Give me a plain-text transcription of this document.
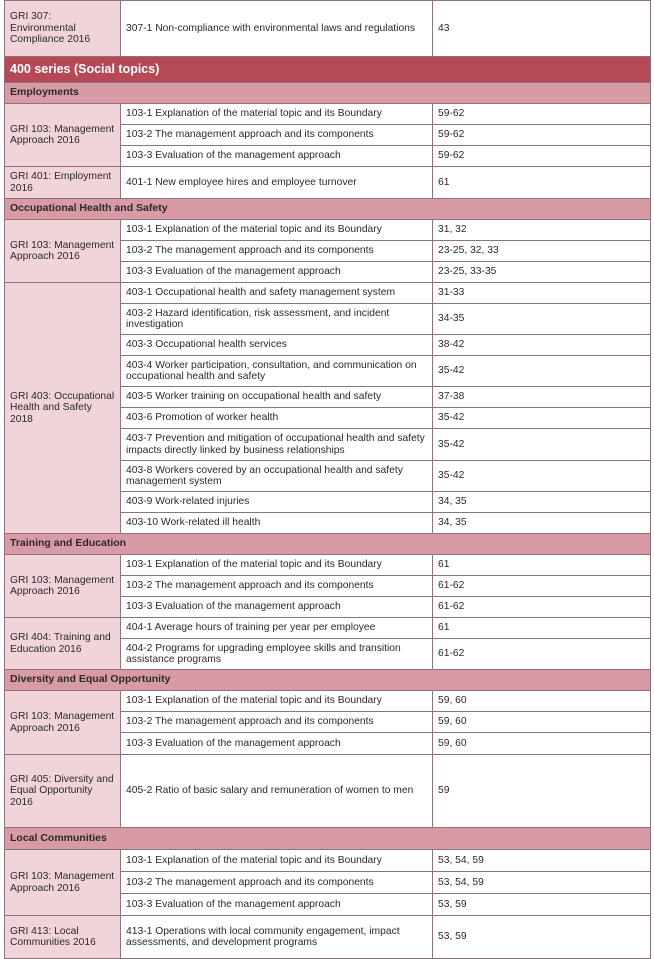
GRI 307: Environmental Compliance 2016	307-1 Non-compliance with environmental laws and regulations	43
400 series (Social topics)		
Employments		
GRI 103: Management Approach 2016	103-1 Explanation of the material topic and its Boundary	59-62
	103-2 The management approach and its components	59-62
	103-3 Evaluation of the management approach	59-62
GRI 401: Employment 2016	401-1 New employee hires and employee turnover	61
Occupational Health and Safety		
GRI 103: Management Approach 2016	103-1 Explanation of the material topic and its Boundary	31, 32
	103-2 The management approach and its components	23-25, 32, 33
	103-3 Evaluation of the management approach	23-25, 33-35
GRI 403: Occupational Health and Safety 2018	403-1 Occupational health and safety management system	31-33
	403-2 Hazard identification, risk assessment, and incident investigation	34-35
	403-3 Occupational health services	38-42
	403-4 Worker participation, consultation, and communication on occupational health and safety	35-42
	403-5 Worker training on occupational health and safety	37-38
	403-6 Promotion of worker health	35-42
	403-7 Prevention and mitigation of occupational health and safety impacts directly linked by business relationships	35-42
	403-8 Workers covered by an occupational health and safety management system	35-42
	403-9 Work-related injuries	34, 35
	403-10 Work-related ill health	34, 35
Training and Education		
GRI 103: Management Approach 2016	103-1 Explanation of the material topic and its Boundary	61
	103-2 The management approach and its components	61-62
	103-3 Evaluation of the management approach	61-62
GRI 404: Training and Education 2016	404-1 Average hours of training per year per employee	61
	404-2 Programs for upgrading employee skills and transition assistance programs	61-62
Diversity and Equal Opportunity		
GRI 103: Management Approach 2016	103-1 Explanation of the material topic and its Boundary	59, 60
	103-2 The management approach and its components	59, 60
	103-3 Evaluation of the management approach	59, 60
GRI 405: Diversity and Equal Opportunity 2016	405-2 Ratio of basic salary and remuneration of women to men	59
Local Communities		
GRI 103: Management Approach 2016	103-1 Explanation of the material topic and its Boundary	53, 54, 59
	103-2 The management approach and its components	53, 54, 59
	103-3 Evaluation of the management approach	53, 59
GRI 413: Local Communities 2016	413-1 Operations with local community engagement, impact assessments, and development programs	53, 59
